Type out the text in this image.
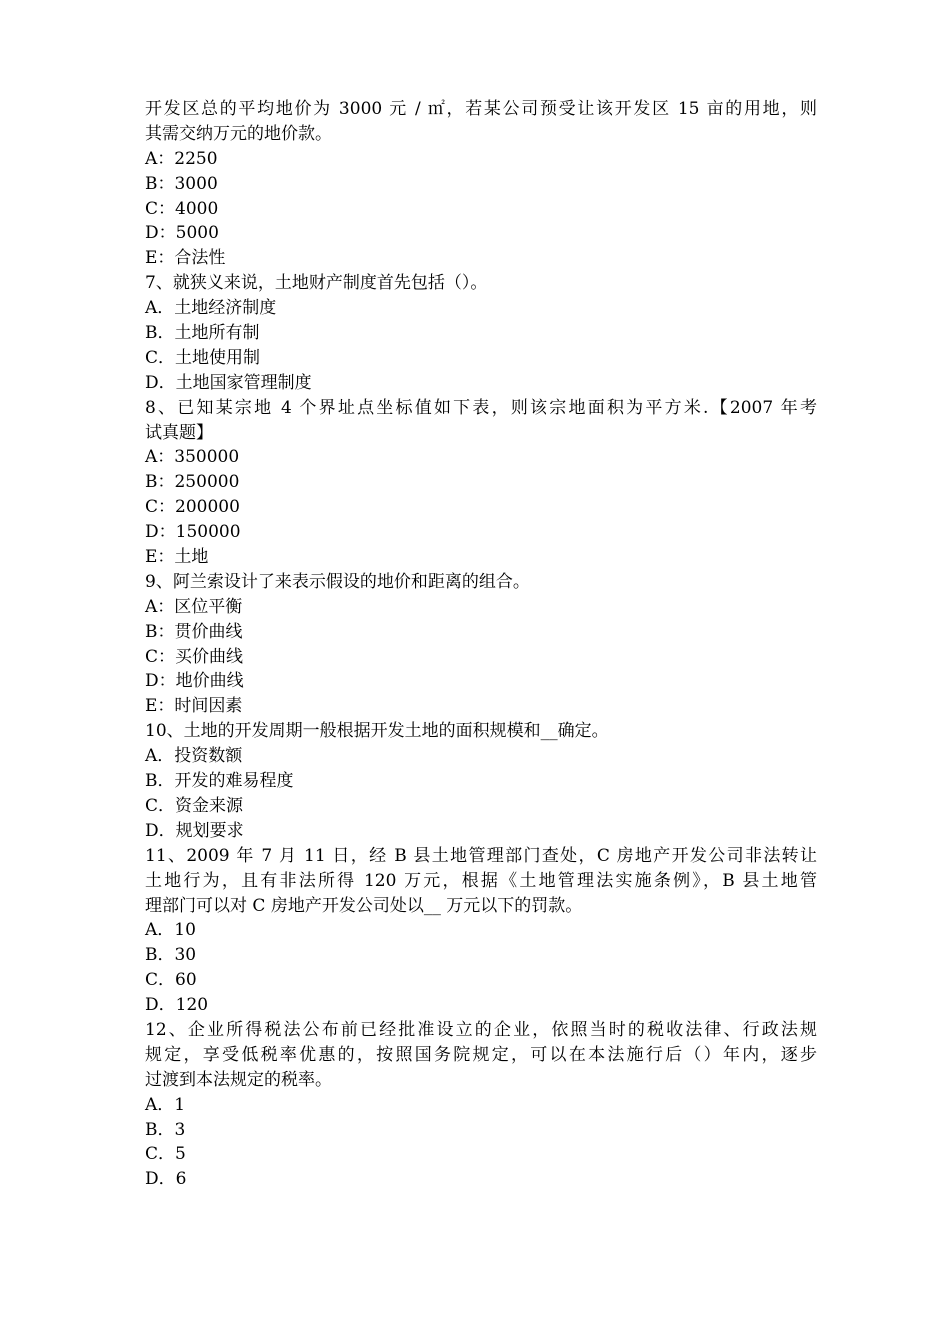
开发区总的平均地价为 3000 元 / ㎡，若某公司预受让该开发区 15 亩的用地，则
其需交纳万元的地价款。
A：2250
B：3000
C：4000
D：5000
E：合法性
7、就狭义来说，土地财产制度首先包括（）。
A．土地经济制度
B．土地所有制
C．土地使用制
D．土地国家管理制度
8、已知某宗地 4 个界址点坐标值如下表，则该宗地面积为平方米.【2007 年考
试真题】
A：350000
B：250000
C：200000
D：150000
E：土地
9、阿兰索设计了来表示假设的地价和距离的组合。
A：区位平衡
B：贯价曲线
C：买价曲线
D：地价曲线
E：时间因素
10、土地的开发周期一般根据开发土地的面积规模和__确定。
A．投资数额
B．开发的难易程度
C．资金来源
D．规划要求
11、2009 年 7 月 11 日，经 B 县土地管理部门查处，C 房地产开发公司非法转让
土地行为，且有非法所得 120 万元，根据《土地管理法实施条例》，B 县土地管
理部门可以对 C 房地产开发公司处以__ 万元以下的罚款。
A．10
B．30
C．60
D．120
12、企业所得税法公布前已经批准设立的企业，依照当时的税收法律、行政法规
规定，享受低税率优惠的，按照国务院规定，可以在本法施行后（）年内，逐步
过渡到本法规定的税率。
A．1
B．3
C．5
D．6
